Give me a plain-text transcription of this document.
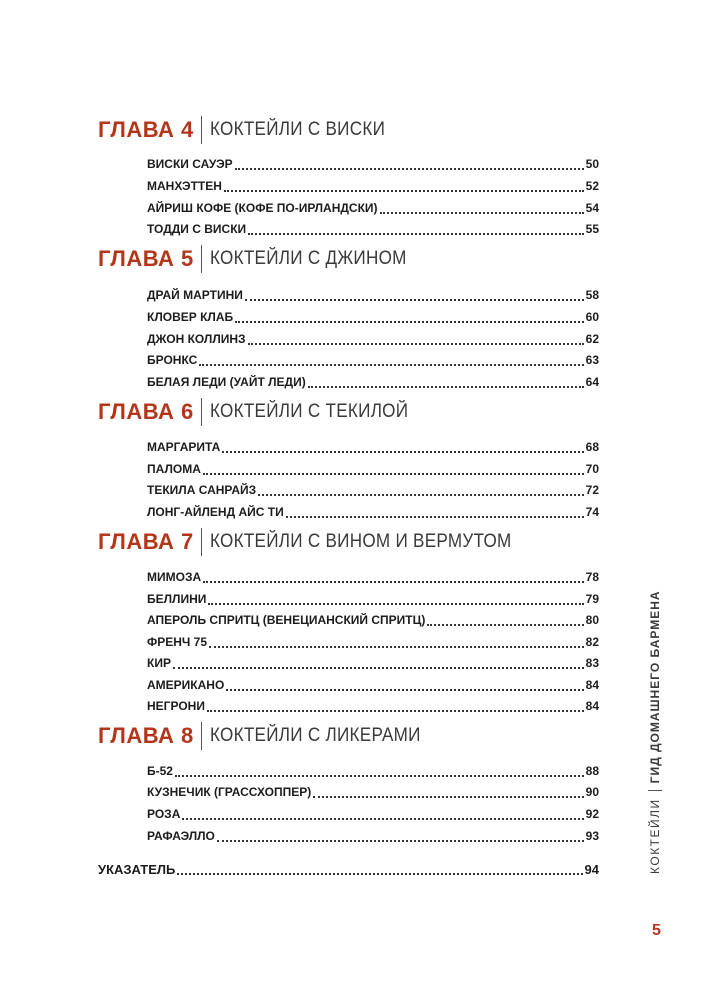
ГЛАВА 4 КОКТЕЙЛИ С ВИСКИ
ВИСКИ САУЭР	50
МАНХЭТТЕН	52
АЙРИШ КОФЕ (КОФЕ ПО-ИРЛАНДСКИ)	54
ТОДДИ С ВИСКИ	55
ГЛАВА 5 КОКТЕЙЛИ С ДЖИНОМ
ДРАЙ МАРТИНИ	58
КЛОВЕР КЛАБ	60
ДЖОН КОЛЛИНЗ	62
БРОНКС	63
БЕЛАЯ ЛЕДИ (УАЙТ ЛЕДИ)	64
ГЛАВА 6 КОКТЕЙЛИ С ТЕКИЛОЙ
МАРГАРИТА	68
ПАЛОМА	70
ТЕКИЛА САНРАЙЗ	72
ЛОНГ-АЙЛЕНД АЙС ТИ	74
ГЛАВА 7 КОКТЕЙЛИ С ВИНОМ И ВЕРМУТОМ
МИМОЗА	78
БЕЛЛИНИ	79
АПЕРОЛЬ СПРИТЦ (ВЕНЕЦИАНСКИЙ СПРИТЦ)	80
ФРЕНЧ 75	82
КИР	83
АМЕРИКАНО	84
НЕГРОНИ	84
ГЛАВА 8 КОКТЕЙЛИ С ЛИКЕРАМИ
Б-52	88
КУЗНЕЧИК (ГРАССХОППЕР)	90
РОЗА	92
РАФАЭЛЛО	93
УКАЗАТЕЛЬ	94	КОКТЕЙЛИ
ГИД ДОМАШНЕГО БАРМЕНА
5
